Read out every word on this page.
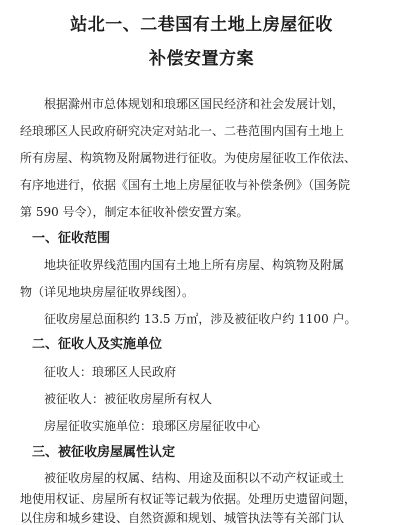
站北一、二巷国有土地上房屋征收
补偿安置方案
根据滁州市总体规划和琅琊区国民经济和社会发展计划，
经琅琊区人民政府研究决定对站北一、二巷范围内国有土地上
所有房屋、构筑物及附属物进行征收。为使房屋征收工作依法、
有序地进行，依据《国有土地上房屋征收与补偿条例》（国务院
第 590 号令），制定本征收补偿安置方案。
一、征收范围
地块征收界线范围内国有土地上所有房屋、构筑物及附属
物（详见地块房屋征收界线图）。
征收房屋总面积约 13.5 万㎡，涉及被征收户约 1100 户。
二、征收人及实施单位
征收人：琅琊区人民政府
被征收人：被征收房屋所有权人
房屋征收实施单位：琅琊区房屋征收中心
三、被征收房屋属性认定
被征收房屋的权属、结构、用途及面积以不动产权证或土
地使用权证、房屋所有权证等记载为依据。处理历史遗留问题，
以住房和城乡建设、自然资源和规划、城管执法等有关部门认
